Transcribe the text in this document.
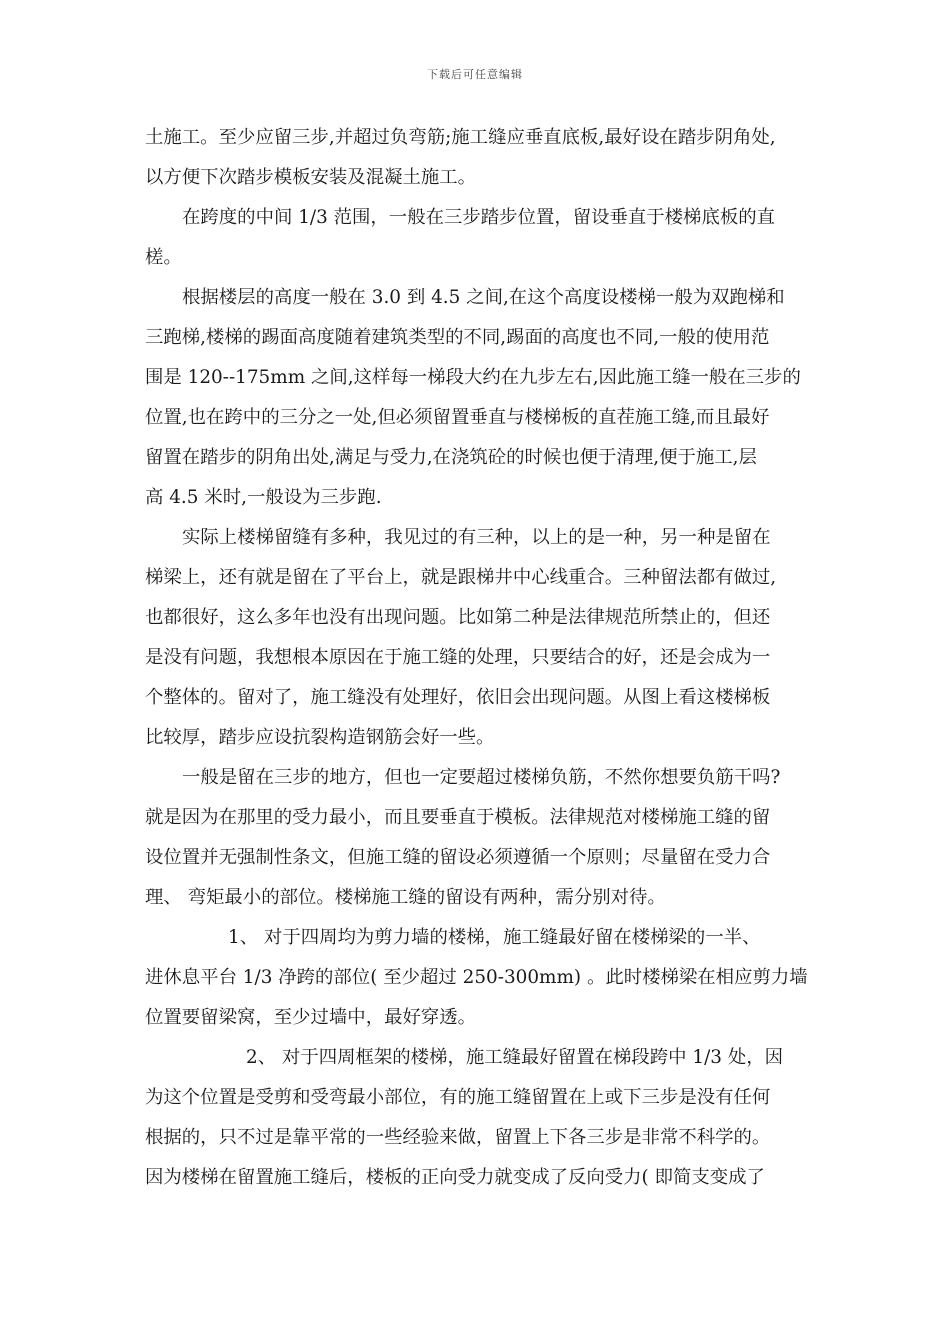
下载后可任意编辑
土施工。至少应留三步,并超过负弯筋;施工缝应垂直底板,最好设在踏步阴角处,
以方便下次踏步模板安装及混凝土施工。
在跨度的中间 1/3 范围，一般在三步踏步位置，留设垂直于楼梯底板的直
槎。
根据楼层的高度一般在 3.0 到 4.5 之间,在这个高度设楼梯一般为双跑梯和
三跑梯,楼梯的踢面高度随着建筑类型的不同,踢面的高度也不同,一般的使用范
围是 120--175mm 之间,这样每一梯段大约在九步左右,因此施工缝一般在三步的
位置,也在跨中的三分之一处,但必须留置垂直与楼梯板的直茬施工缝,而且最好
留置在踏步的阴角出处,满足与受力,在浇筑砼的时候也便于清理,便于施工,层
高 4.5 米时,一般设为三步跑.
实际上楼梯留缝有多种，我见过的有三种，以上的是一种，另一种是留在
梯梁上，还有就是留在了平台上，就是跟梯井中心线重合。三种留法都有做过,
也都很好，这么多年也没有出现问题。比如第二种是法律规范所禁止的，但还
是没有问题，我想根本原因在于施工缝的处理，只要结合的好，还是会成为一
个整体的。留对了，施工缝没有处理好，依旧会出现问题。从图上看这楼梯板
比较厚，踏步应设抗裂构造钢筋会好一些。
一般是留在三步的地方，但也一定要超过楼梯负筋，不然你想要负筋干吗?
就是因为在那里的受力最小，而且要垂直于模板。法律规范对楼梯施工缝的留
设位置并无强制性条文，但施工缝的留设必须遵循一个原则；尽量留在受力合
理、 弯矩最小的部位。楼梯施工缝的留设有两种，需分别对待。
1、 对于四周均为剪力墙的楼梯，施工缝最好留在楼梯梁的一半、
进休息平台 1/3 净跨的部位( 至少超过 250-300mm) 。此时楼梯梁在相应剪力墙
位置要留梁窝，至少过墙中，最好穿透。
2、 对于四周框架的楼梯，施工缝最好留置在梯段跨中 1/3 处，因
为这个位置是受剪和受弯最小部位，有的施工缝留置在上或下三步是没有任何
根据的，只不过是靠平常的一些经验来做，留置上下各三步是非常不科学的。
因为楼梯在留置施工缝后，楼板的正向受力就变成了反向受力( 即简支变成了
